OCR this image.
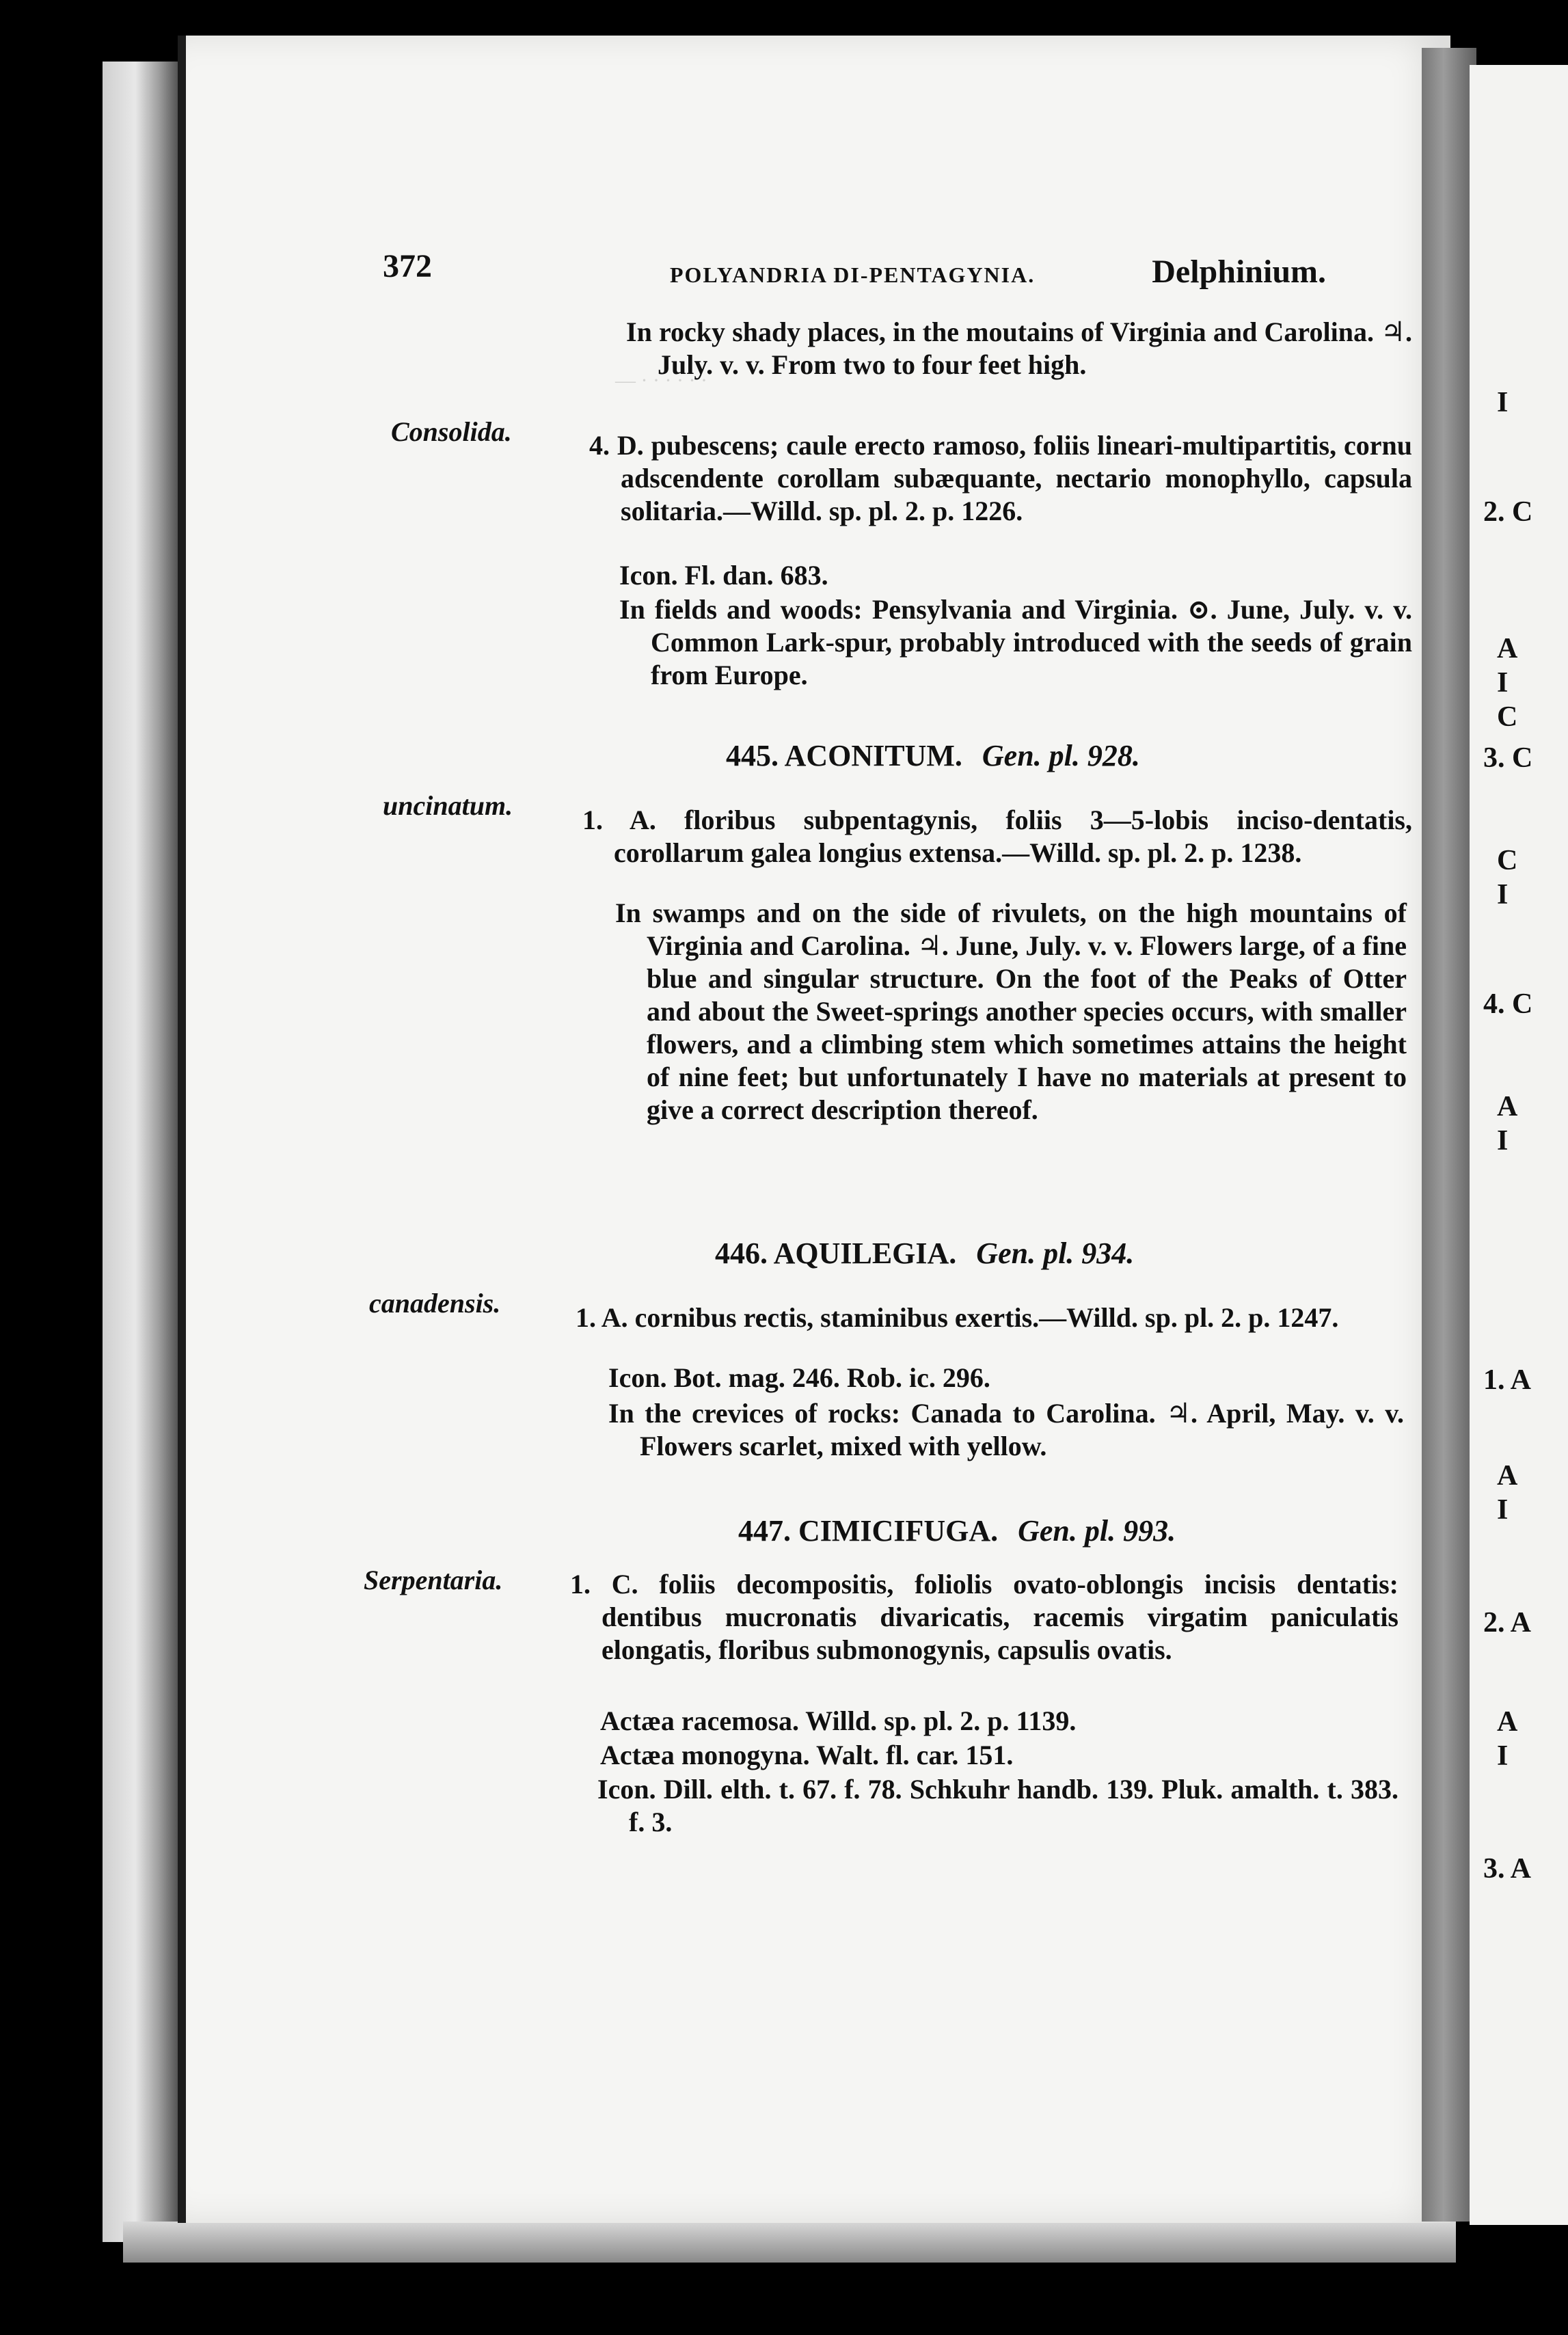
I
2. C
A
I
C
3. C
C
I
4. C
A
I
1. A
A
I
2. A
A
I
3. A
— · · · · · ·
372	POLYANDRIA DI-PENTAGYNIA.	Delphinium.

In rocky shady places, in the moutains of Virginia and Carolina. ♃. July. v. v. From two to four feet high.

Consolida.	4. D. pubescens; caule erecto ramoso, foliis lineari-multipartitis, cornu adscendente corollam subæquante, nectario monophyllo, capsula solitaria.—Willd. sp. pl. 2. p. 1226.

Icon. Fl. dan. 683.

In fields and woods: Pensylvania and Virginia. ⊙. June, July. v. v. Common Lark-spur, probably introduced with the seeds of grain from Europe.

445. ACONITUM. Gen. pl. 928.
uncinatum.	1. A. floribus subpentagynis, foliis 3—5-lobis inciso-dentatis, corollarum galea longius extensa.—Willd. sp. pl. 2. p. 1238.

In swamps and on the side of rivulets, on the high mountains of Virginia and Carolina. ♃. June, July. v. v. Flowers large, of a fine blue and singular structure. On the foot of the Peaks of Otter and about the Sweet-springs another species occurs, with smaller flowers, and a climbing stem which sometimes attains the height of nine feet; but unfortunately I have no materials at present to give a correct description thereof.

446. AQUILEGIA. Gen. pl. 934.
canadensis.	1. A. cornibus rectis, staminibus exertis.—Willd. sp. pl. 2. p. 1247.

Icon. Bot. mag. 246. Rob. ic. 296.

In the crevices of rocks: Canada to Carolina. ♃. April, May. v. v. Flowers scarlet, mixed with yellow.

447. CIMICIFUGA. Gen. pl. 993.
Serpentaria. 1. C. foliis decompositis, foliolis ovato-oblongis incisis dentatis: dentibus mucronatis divaricatis, racemis virgatim paniculatis elongatis, floribus submonogynis, capsulis ovatis.

Actæa racemosa. Willd. sp. pl. 2. p. 1139.
Actæa monogyna. Walt. fl. car. 151.

Icon. Dill. elth. t. 67. f. 78. Schkuhr handb. 139. Pluk. amalth. t. 383. f. 3.
